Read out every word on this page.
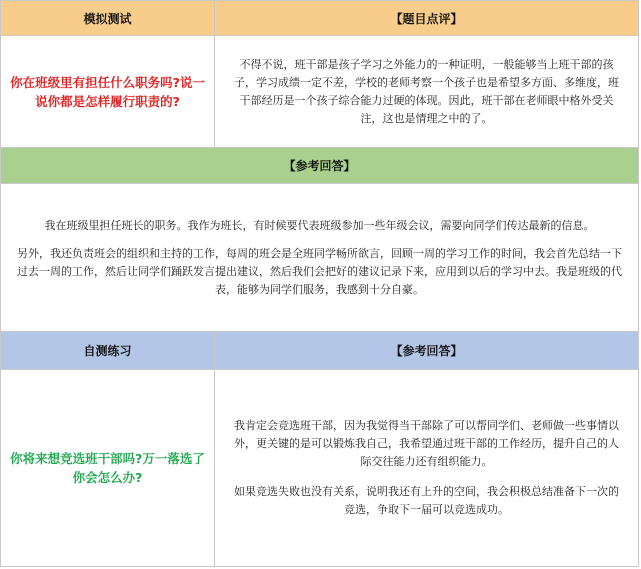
模拟测试	【题目点评】
你在班级里有担任什么职务吗?说一说你都是怎样履行职责的?
不得不说，班干部是孩子学习之外能力的一种证明，一般能够当上班干部的孩子，学习成绩一定不差，学校的老师考察一个孩子也是希望多方面、多维度，班干部经历是一个孩子综合能力过硬的体现。因此，班干部在老师眼中格外受关注，这也是情理之中的了。
【参考回答】

我在班级里担任班长的职务。我作为班长，有时候要代表班级参加一些年级会议，需要向同学们传达最新的信息。

另外，我还负责班会的组织和主持的工作，每周的班会是全班同学畅所欲言，回顾一周的学习工作的时间，我会首先总结一下过去一周的工作，然后让同学们踊跃发言提出建议，然后我们会把好的建议记录下来，应用到以后的学习中去。我是班级的代表，能够为同学们服务，我感到十分自豪。

自测练习	【参考回答】
你将来想竞选班干部吗?万一落选了你会怎么办?

我肯定会竞选班干部，因为我觉得当干部除了可以帮同学们、老师做一些事情以外，更关键的是可以锻炼我自己，我希望通过班干部的工作经历，提升自己的人际交往能力还有组织能力。

如果竞选失败也没有关系，说明我还有上升的空间，我会积极总结准备下一次的竞选，争取下一届可以竞选成功。
